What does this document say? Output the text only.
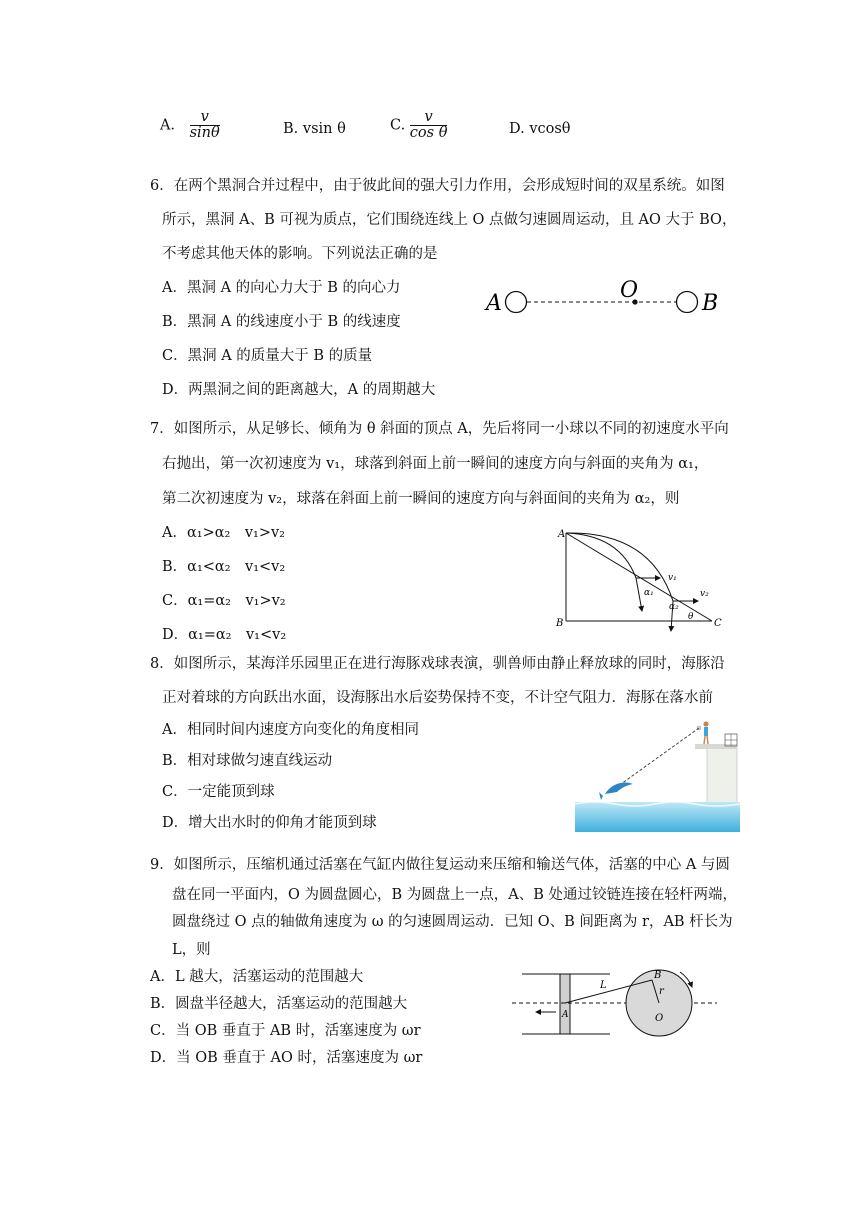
A． $\frac{v}{\sin\theta}$	B. vsin θ	C. $\frac{v}{\text{cos θ}}$	D. vcosθ
6．在两个黑洞合并过程中，由于彼此间的强大引力作用，会形成短时间的双星系统。如图
所示，黑洞 A、B 可视为质点，它们围绕连线上 O 点做匀速圆周运动，且 AO 大于 BO，
不考虑其他天体的影响。下列说法正确的是
A．黑洞 A 的向心力大于 B 的向心力
B．黑洞 A 的线速度小于 B 的线速度
C．黑洞 A 的质量大于 B 的质量
D．两黑洞之间的距离越大，A 的周期越大
A
O
B
7．如图所示，从足够长、倾角为 θ 斜面的顶点 A，先后将同一小球以不同的初速度水平向
右抛出，第一次初速度为 v₁，球落到斜面上前一瞬间的速度方向与斜面的夹角为 α₁，
第二次初速度为 v₂，球落在斜面上前一瞬间的速度方向与斜面间的夹角为 α₂，则
A．α₁>α₂　v₁>v₂
B．α₁<α₂　v₁<v₂
C．α₁=α₂　v₁>v₂
D．α₁=α₂　v₁<v₂
A
B	C
v₁
v₂
α₁
α₂
θ
8．如图所示，某海洋乐园里正在进行海豚戏球表演，驯兽师由静止释放球的同时，海豚沿
正对着球的方向跃出水面，设海豚出水后姿势保持不变，不计空气阻力．海豚在落水前
A．相同时间内速度方向变化的角度相同
B．相对球做匀速直线运动
C．一定能顶到球
D．增大出水时的仰角才能顶到球
9．如图所示，压缩机通过活塞在气缸内做往复运动来压缩和输送气体，活塞的中心 A 与圆
盘在同一平面内，O 为圆盘圆心，B 为圆盘上一点，A、B 处通过铰链连接在轻杆两端，
圆盘绕过 O 点的轴做角速度为 ω 的匀速圆周运动．已知 O、B 间距离为 r，AB 杆长为
L，则
A．L 越大，活塞运动的范围越大
B．圆盘半径越大，活塞运动的范围越大
C．当 OB 垂直于 AB 时，活塞速度为 ωr
D．当 OB 垂直于 AO 时，活塞速度为 ωr
L
B
r
O
A
